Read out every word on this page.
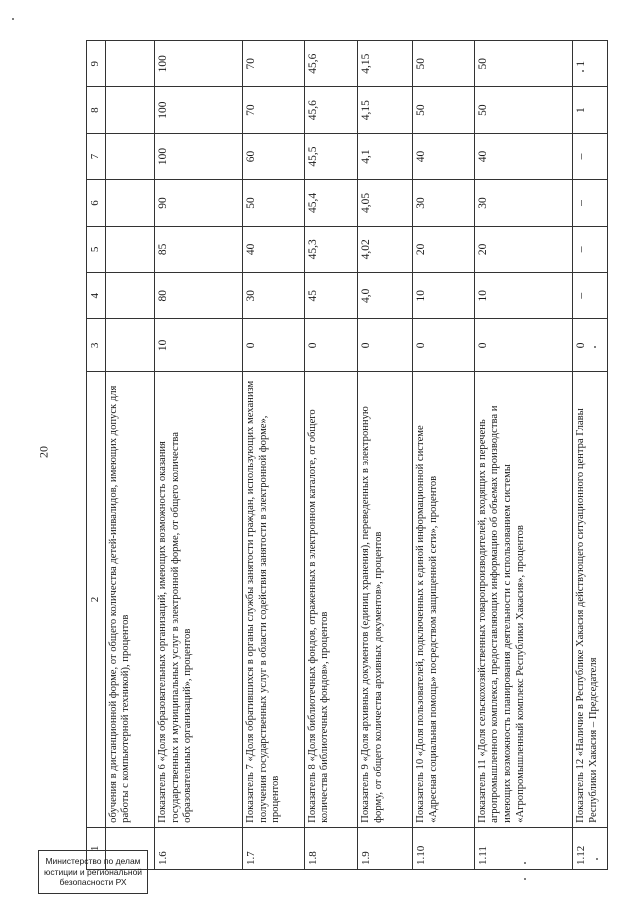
20
1	2	3	4	5	6	7	8	9
	обучения в дистанционной форме, от общего количества детей-инвалидов, имеющих допуск для работы с компьютерной техникой), процентов							
1.6	Показатель 6 «Доля образовательных организаций, имеющих возможность оказания государственных и муниципальных услуг в электронной форме, от общего количества образовательных организаций», процентов	10	80	85	90	100	100	100
1.7	Показатель 7 «Доля обратившихся в органы службы занятости граждан, использующих механизм получения государственных услуг в области содействия занятости в электронной форме», процентов	0	30	40	50	60	70	70
1.8	Показатель 8 «Доля библиотечных фондов, отраженных в электронном каталоге, от общего количества библиотечных фондов», процентов	0	45	45,3	45,4	45,5	45,6	45,6
1.9	Показатель 9 «Доля архивных документов (единиц хранения), переведенных в электронную форму, от общего количества архивных документов», процентов	0	4,0	4,02	4,05	4,1	4,15	4,15
1.10	Показатель 10 «Доля пользователей, подключенных к единой информационной системе «Адресная социальная помощь» посредством защищенной сети», процентов	0	10	20	30	40	50	50
1.11	Показатель 11 «Доля сельскохозяйственных товаропроизводителей, входящих в перечень агропромышленного комплекса, предоставляющих информацию об объемах производства и имеющих возможность планирования деятельности с использованием системы «Агропромышленный комплекс Республики Хакасия», процентов	0	10	20	30	40	50	50
1.12	Показатель 12 «Наличие в Республике Хакасия действующего ситуационного центра Главы Республики Хакасия – Председателя	0	–	–	–	–	1	1
Министерство по делам юстиции и региональной безопасности РХ
